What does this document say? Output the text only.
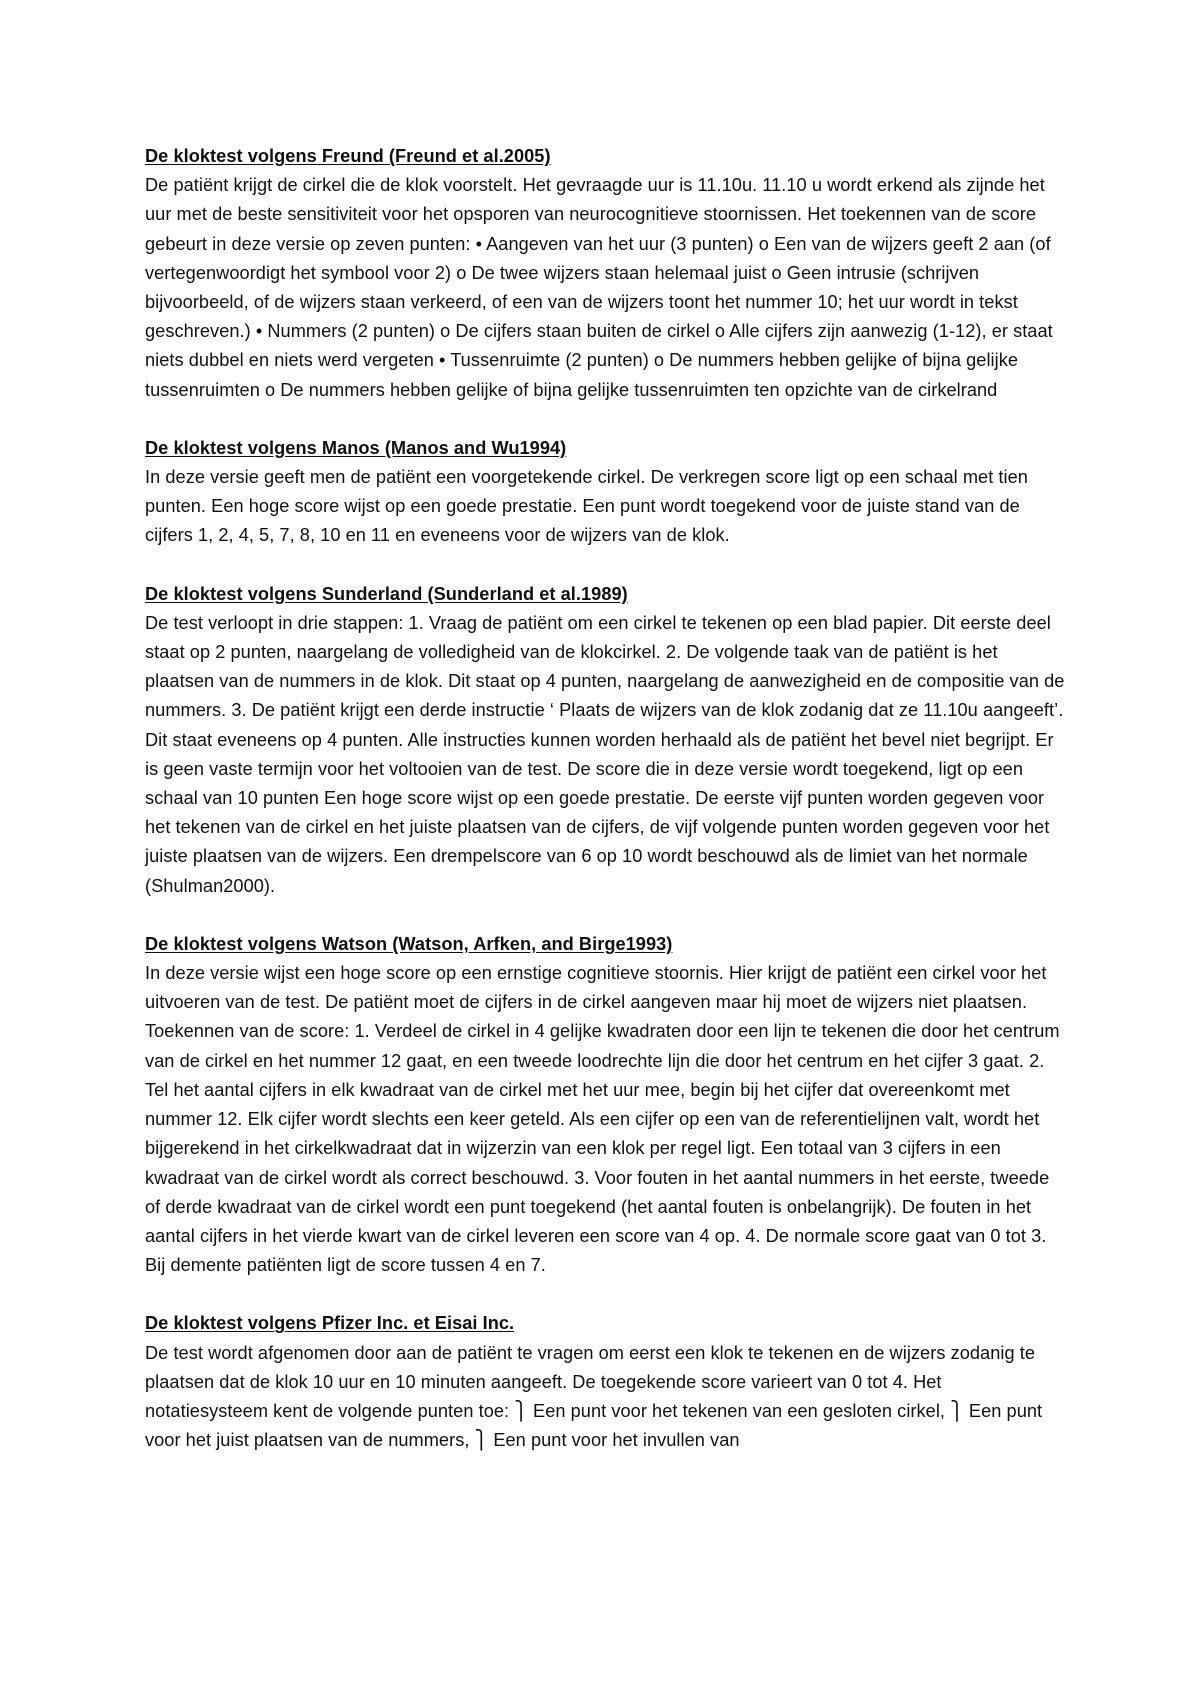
De kloktest volgens Freund (Freund et al.2005)

De patiënt krijgt de cirkel die de klok voorstelt. Het gevraagde uur is 11.10u. 11.10 u wordt erkend als zijnde het uur met de beste sensitiviteit voor het opsporen van neurocognitieve stoornissen. Het toekennen van de score gebeurt in deze versie op zeven punten: • Aangeven van het uur (3 punten) o Een van de wijzers geeft 2 aan (of vertegenwoordigt het symbool voor 2) o De twee wijzers staan helemaal juist o Geen intrusie (schrijven bijvoorbeeld, of de wijzers staan verkeerd, of een van de wijzers toont het nummer 10; het uur wordt in tekst geschreven.) • Nummers (2 punten) o De cijfers staan buiten de cirkel o Alle cijfers zijn aanwezig (1-12), er staat niets dubbel en niets werd vergeten • Tussenruimte (2 punten) o De nummers hebben gelijke of bijna gelijke tussenruimten o De nummers hebben gelijke of bijna gelijke tussenruimten ten opzichte van de cirkelrand

De kloktest volgens Manos (Manos and Wu1994)

In deze versie geeft men de patiënt een voorgetekende cirkel. De verkregen score ligt op een schaal met tien punten. Een hoge score wijst op een goede prestatie. Een punt wordt toegekend voor de juiste stand van de cijfers 1, 2, 4, 5, 7, 8, 10 en 11 en eveneens voor de wijzers van de klok.

De kloktest volgens Sunderland (Sunderland et al.1989)

De test verloopt in drie stappen: 1. Vraag de patiënt om een cirkel te tekenen op een blad papier. Dit eerste deel staat op 2 punten, naargelang de volledigheid van de klokcirkel. 2. De volgende taak van de patiënt is het plaatsen van de nummers in de klok. Dit staat op 4 punten, naargelang de aanwezigheid en de compositie van de nummers. 3. De patiënt krijgt een derde instructie ‘ Plaats de wijzers van de klok zodanig dat ze 11.10u aangeeft’. Dit staat eveneens op 4 punten. Alle instructies kunnen worden herhaald als de patiënt het bevel niet begrijpt. Er is geen vaste termijn voor het voltooien van de test. De score die in deze versie wordt toegekend, ligt op een schaal van 10 punten Een hoge score wijst op een goede prestatie. De eerste vijf punten worden gegeven voor het tekenen van de cirkel en het juiste plaatsen van de cijfers, de vijf volgende punten worden gegeven voor het juiste plaatsen van de wijzers. Een drempelscore van 6 op 10 wordt beschouwd als de limiet van het normale (Shulman2000).

De kloktest volgens Watson (Watson, Arfken, and Birge1993)

In deze versie wijst een hoge score op een ernstige cognitieve stoornis. Hier krijgt de patiënt een cirkel voor het uitvoeren van de test. De patiënt moet de cijfers in de cirkel aangeven maar hij moet de wijzers niet plaatsen. Toekennen van de score: 1. Verdeel de cirkel in 4 gelijke kwadraten door een lijn te tekenen die door het centrum van de cirkel en het nummer 12 gaat, en een tweede loodrechte lijn die door het centrum en het cijfer 3 gaat. 2. Tel het aantal cijfers in elk kwadraat van de cirkel met het uur mee, begin bij het cijfer dat overeenkomt met nummer 12. Elk cijfer wordt slechts een keer geteld. Als een cijfer op een van de referentielijnen valt, wordt het bijgerekend in het cirkelkwadraat dat in wijzerzin van een klok per regel ligt. Een totaal van 3 cijfers in een kwadraat van de cirkel wordt als correct beschouwd. 3. Voor fouten in het aantal nummers in het eerste, tweede of derde kwadraat van de cirkel wordt een punt toegekend (het aantal fouten is onbelangrijk). De fouten in het aantal cijfers in het vierde kwart van de cirkel leveren een score van 4 op. 4. De normale score gaat van 0 tot 3. Bij demente patiënten ligt de score tussen 4 en 7.

De kloktest volgens Pfizer Inc. et Eisai Inc.

De test wordt afgenomen door aan de patiënt te vragen om eerst een klok te tekenen en de wijzers zodanig te plaatsen dat de klok 10 uur en 10 minuten aangeeft. De toegekende score varieert van 0 tot 4. Het notatiesysteem kent de volgende punten toe: ⎫ Een punt voor het tekenen van een gesloten cirkel, ⎫ Een punt voor het juist plaatsen van de nummers, ⎫ Een punt voor het invullen van
